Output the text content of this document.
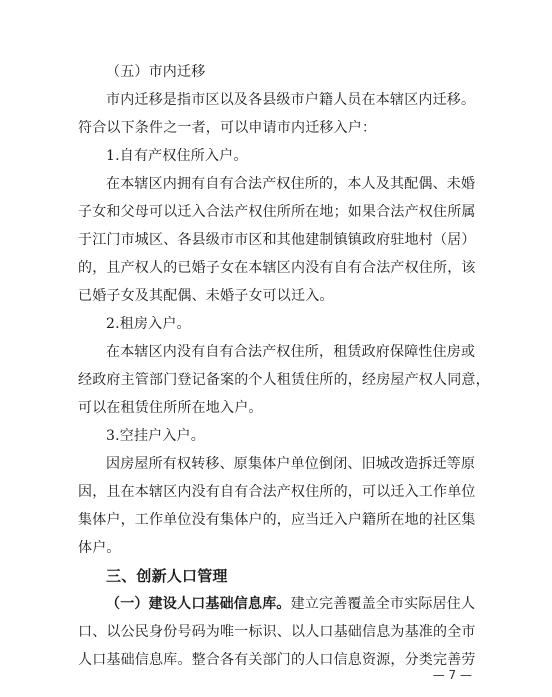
（五）市内迁移
市内迁移是指市区以及各县级市户籍人员在本辖区内迁移。
符合以下条件之一者，可以申请市内迁移入户：
1.自有产权住所入户。
在本辖区内拥有自有合法产权住所的，本人及其配偶、未婚
子女和父母可以迁入合法产权住所所在地；如果合法产权住所属
于江门市城区、各县级市市区和其他建制镇镇政府驻地村（居）
的，且产权人的已婚子女在本辖区内没有自有合法产权住所，该
已婚子女及其配偶、未婚子女可以迁入。
2.租房入户。
在本辖区内没有自有合法产权住所，租赁政府保障性住房或
经政府主管部门登记备案的个人租赁住所的，经房屋产权人同意，
可以在租赁住所所在地入户。
3.空挂户入户。
因房屋所有权转移、原集体户单位倒闭、旧城改造拆迁等原
因，且在本辖区内没有自有合法产权住所的，可以迁入工作单位
集体户，工作单位没有集体户的，应当迁入户籍所在地的社区集
体户。
三、创新人口管理
（一）建设人口基础信息库。建立完善覆盖全市实际居住人
口、以公民身份号码为唯一标识、以人口基础信息为基准的全市
人口基础信息库。整合各有关部门的人口信息资源，分类完善劳
— 7 —
